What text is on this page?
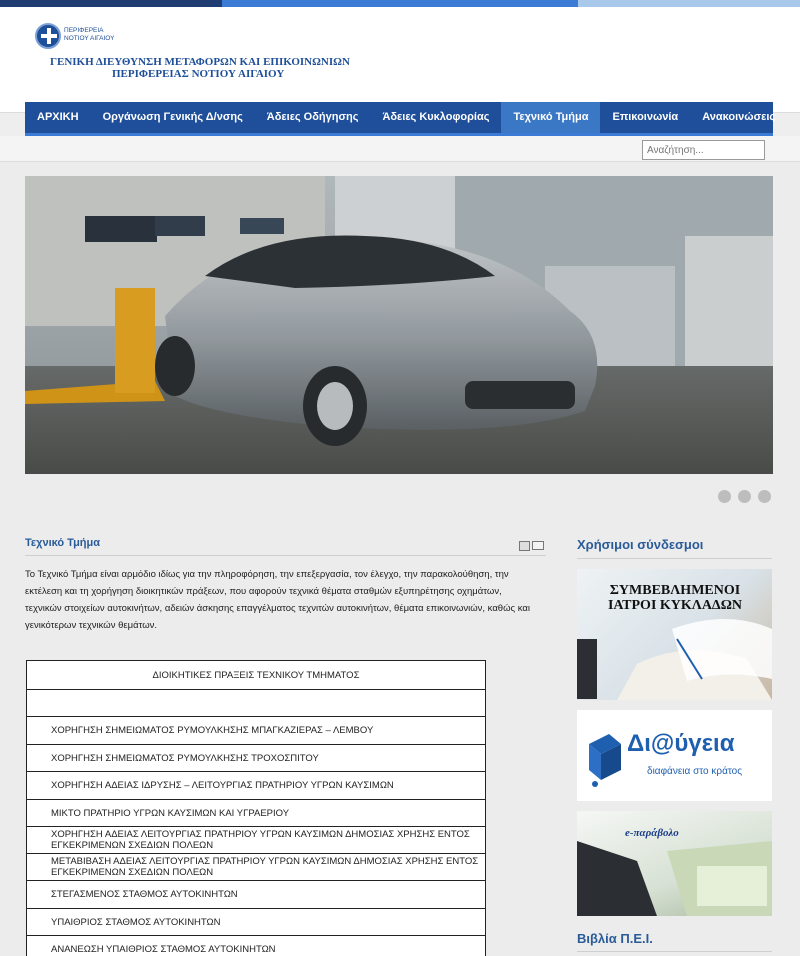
ΠΕΡΙΦΕΡΕΙΑ ΝΟΤΙΟΥ ΑΙΓΑΙΟΥ
ΓΕΝΙΚΗ ΔΙΕΥΘΥΝΣΗ ΜΕΤΑΦΟΡΩΝ ΚΑΙ ΕΠΙΚΟΙΝΩΝΙΩΝ
ΠΕΡΙΦΕΡΕΙΑΣ ΝΟΤΙΟΥ ΑΙΓΑΙΟΥ
ΑΡΧΙΚΗ	Οργάνωση Γενικής Δ/νσης	Άδειες Οδήγησης	Άδειες Κυκλοφορίας	Τεχνικό Τμήμα	Επικοινωνία	Ανακοινώσεις
Αναζήτηση...
Τεχνικό Τμήμα
Το Τεχνικό Τμήμα είναι αρμόδιο ιδίως για την πληροφόρηση, την επεξεργασία, τον έλεγχο, την παρακολούθηση, την εκτέλεση και τη χορήγηση διοικητικών πράξεων, που αφορούν τεχνικά θέματα σταθμών εξυπηρέτησης οχημάτων, τεχνικών στοιχείων αυτοκινήτων, αδειών άσκησης επαγγέλματος τεχνιτών αυτοκινήτων, θέματα επικοινωνιών, καθώς και γενικότερων τεχνικών θεμάτων.
ΔΙΟΙΚΗΤΙΚΕΣ ΠΡΑΞΕΙΣ ΤΕΧΝΙΚΟΥ ΤΜΗΜΑΤΟΣ

ΧΟΡΗΓΗΣΗ ΣΗΜΕΙΩΜΑΤΟΣ ΡΥΜΟΥΛΚΗΣΗΣ ΜΠΑΓΚΑΖΙΕΡΑΣ – ΛΕΜΒΟΥ
ΧΟΡΗΓΗΣΗ ΣΗΜΕΙΩΜΑΤΟΣ ΡΥΜΟΥΛΚΗΣΗΣ ΤΡΟΧΟΣΠΙΤΟΥ
ΧΟΡΗΓΗΣΗ ΑΔΕΙΑΣ ΙΔΡΥΣΗΣ – ΛΕΙΤΟΥΡΓΙΑΣ ΠΡΑΤΗΡΙΟΥ ΥΓΡΩΝ ΚΑΥΣΙΜΩΝ
ΜΙΚΤΟ ΠΡΑΤΗΡΙΟ ΥΓΡΩΝ ΚΑΥΣΙΜΩΝ ΚΑΙ ΥΓΡΑΕΡΙΟΥ
ΧΟΡΗΓΗΣΗ ΑΔΕΙΑΣ ΛΕΙΤΟΥΡΓΙΑΣ ΠΡΑΤΗΡΙΟΥ ΥΓΡΩΝ ΚΑΥΣΙΜΩΝ ΔΗΜΟΣΙΑΣ ΧΡΗΣΗΣ ΕΝΤΟΣ ΕΓΚΕΚΡΙΜΕΝΩΝ ΣΧΕΔΙΩΝ ΠΟΛΕΩΝ
ΜΕΤΑΒΙΒΑΣΗ ΑΔΕΙΑΣ ΛΕΙΤΟΥΡΓΙΑΣ ΠΡΑΤΗΡΙΟΥ ΥΓΡΩΝ ΚΑΥΣΙΜΩΝ ΔΗΜΟΣΙΑΣ ΧΡΗΣΗΣ ΕΝΤΟΣ ΕΓΚΕΚΡΙΜΕΝΩΝ ΣΧΕΔΙΩΝ ΠΟΛΕΩΝ
ΣΤΕΓΑΣΜΕΝΟΣ ΣΤΑΘΜΟΣ ΑΥΤΟΚΙΝΗΤΩΝ
ΥΠΑΙΘΡΙΟΣ ΣΤΑΘΜΟΣ ΑΥΤΟΚΙΝΗΤΩΝ
ΑΝΑΝΕΩΣΗ ΥΠΑΙΘΡΙΟΣ ΣΤΑΘΜΟΣ ΑΥΤΟΚΙΝΗΤΩΝ
Χρήσιμοι σύνδεσμοι
ΣΥΜΒΕΒΛΗΜΕΝΟΙ ΙΑΤΡΟΙ ΚΥΚΛΑΔΩΝ
Δι@ύγεια
διαφάνεια στο κράτος
e-παράβολο
Βιβλία Π.Ε.Ι.
